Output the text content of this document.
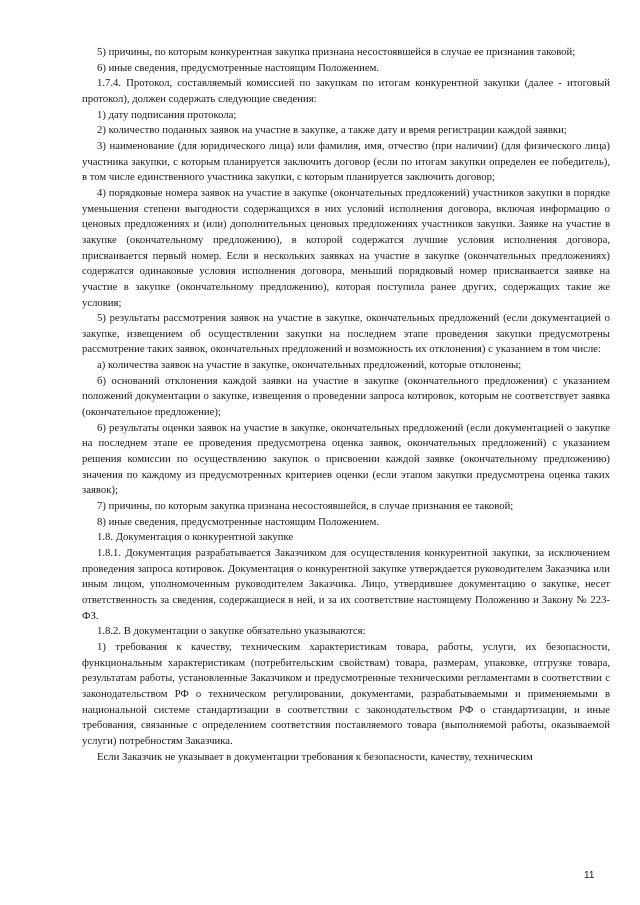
5) причины, по которым конкурентная закупка признана несостоявшейся в случае ее признания таковой;

6) иные сведения, предусмотренные настоящим Положением.

1.7.4. Протокол, составляемый комиссией по закупкам по итогам конкурентной закупки (далее - итоговый протокол), должен содержать следующие сведения:

1) дату подписания протокола;

2) количество поданных заявок на участие в закупке, а также дату и время регистрации каждой заявки;

3) наименование (для юридического лица) или фамилия, имя, отчество (при наличии) (для физического лица) участника закупки, с которым планируется заключить договор (если по итогам закупки определен ее победитель), в том числе единственного участника закупки, с которым планируется заключить договор;

4) порядковые номера заявок на участие в закупке (окончательных предложений) участников закупки в порядке уменьшения степени выгодности содержащихся в них условий исполнения договора, включая информацию о ценовых предложениях и (или) дополнительных ценовых предложениях участников закупки. Заявке на участие в закупке (окончательному предложению), в которой содержатся лучшие условия исполнения договора, присваивается первый номер. Если в нескольких заявках на участие в закупке (окончательных предложениях) содержатся одинаковые условия исполнения договора, меньший порядковый номер присваивается заявке на участие в закупке (окончательному предложению), которая поступила ранее других, содержащих такие же условия;

5) результаты рассмотрения заявок на участие в закупке, окончательных предложений (если документацией о закупке, извещением об осуществлении закупки на последнем этапе проведения закупки предусмотрены рассмотрение таких заявок, окончательных предложений и возможность их отклонения) с указанием в том числе:

а) количества заявок на участие в закупке, окончательных предложений, которые отклонены;

б) оснований отклонения каждой заявки на участие в закупке (окончательного предложения) с указанием положений документации о закупке, извещения о проведении запроса котировок, которым не соответствует заявка (окончательное предложение);

6) результаты оценки заявок на участие в закупке, окончательных предложений (если документацией о закупке на последнем этапе ее проведения предусмотрена оценка заявок, окончательных предложений) с указанием решения комиссии по осуществлению закупок о присвоении каждой заявке (окончательному предложению) значения по каждому из предусмотренных критериев оценки (если этапом закупки предусмотрена оценка таких заявок);

7) причины, по которым закупка признана несостоявшейся, в случае признания ее таковой;

8) иные сведения, предусмотренные настоящим Положением.

1.8. Документация о конкурентной закупке

1.8.1. Документация разрабатывается Заказчиком для осуществления конкурентной закупки, за исключением проведения запроса котировок. Документация о конкурентной закупке утверждается руководителем Заказчика или иным лицом, уполномоченным руководителем Заказчика. Лицо, утвердившее документацию о закупке, несет ответственность за сведения, содержащиеся в ней, и за их соответствие настоящему Положению и Закону № 223-ФЗ.

1.8.2. В документации о закупке обязательно указываются:

1) требования к качеству, техническим характеристикам товара, работы, услуги, их безопасности, функциональным характеристикам (потребительским свойствам) товара, размерам, упаковке, отгрузке товара, результатам работы, установленные Заказчиком и предусмотренные техническими регламентами в соответствии с законодательством РФ о техническом регулировании, документами, разрабатываемыми и применяемыми в национальной системе стандартизации в соответствии с законодательством РФ о стандартизации, и иные требования, связанные с определением соответствия поставляемого товара (выполняемой работы, оказываемой услуги) потребностям Заказчика.

Если Заказчик не указывает в документации требования к безопасности, качеству, техническим

11
